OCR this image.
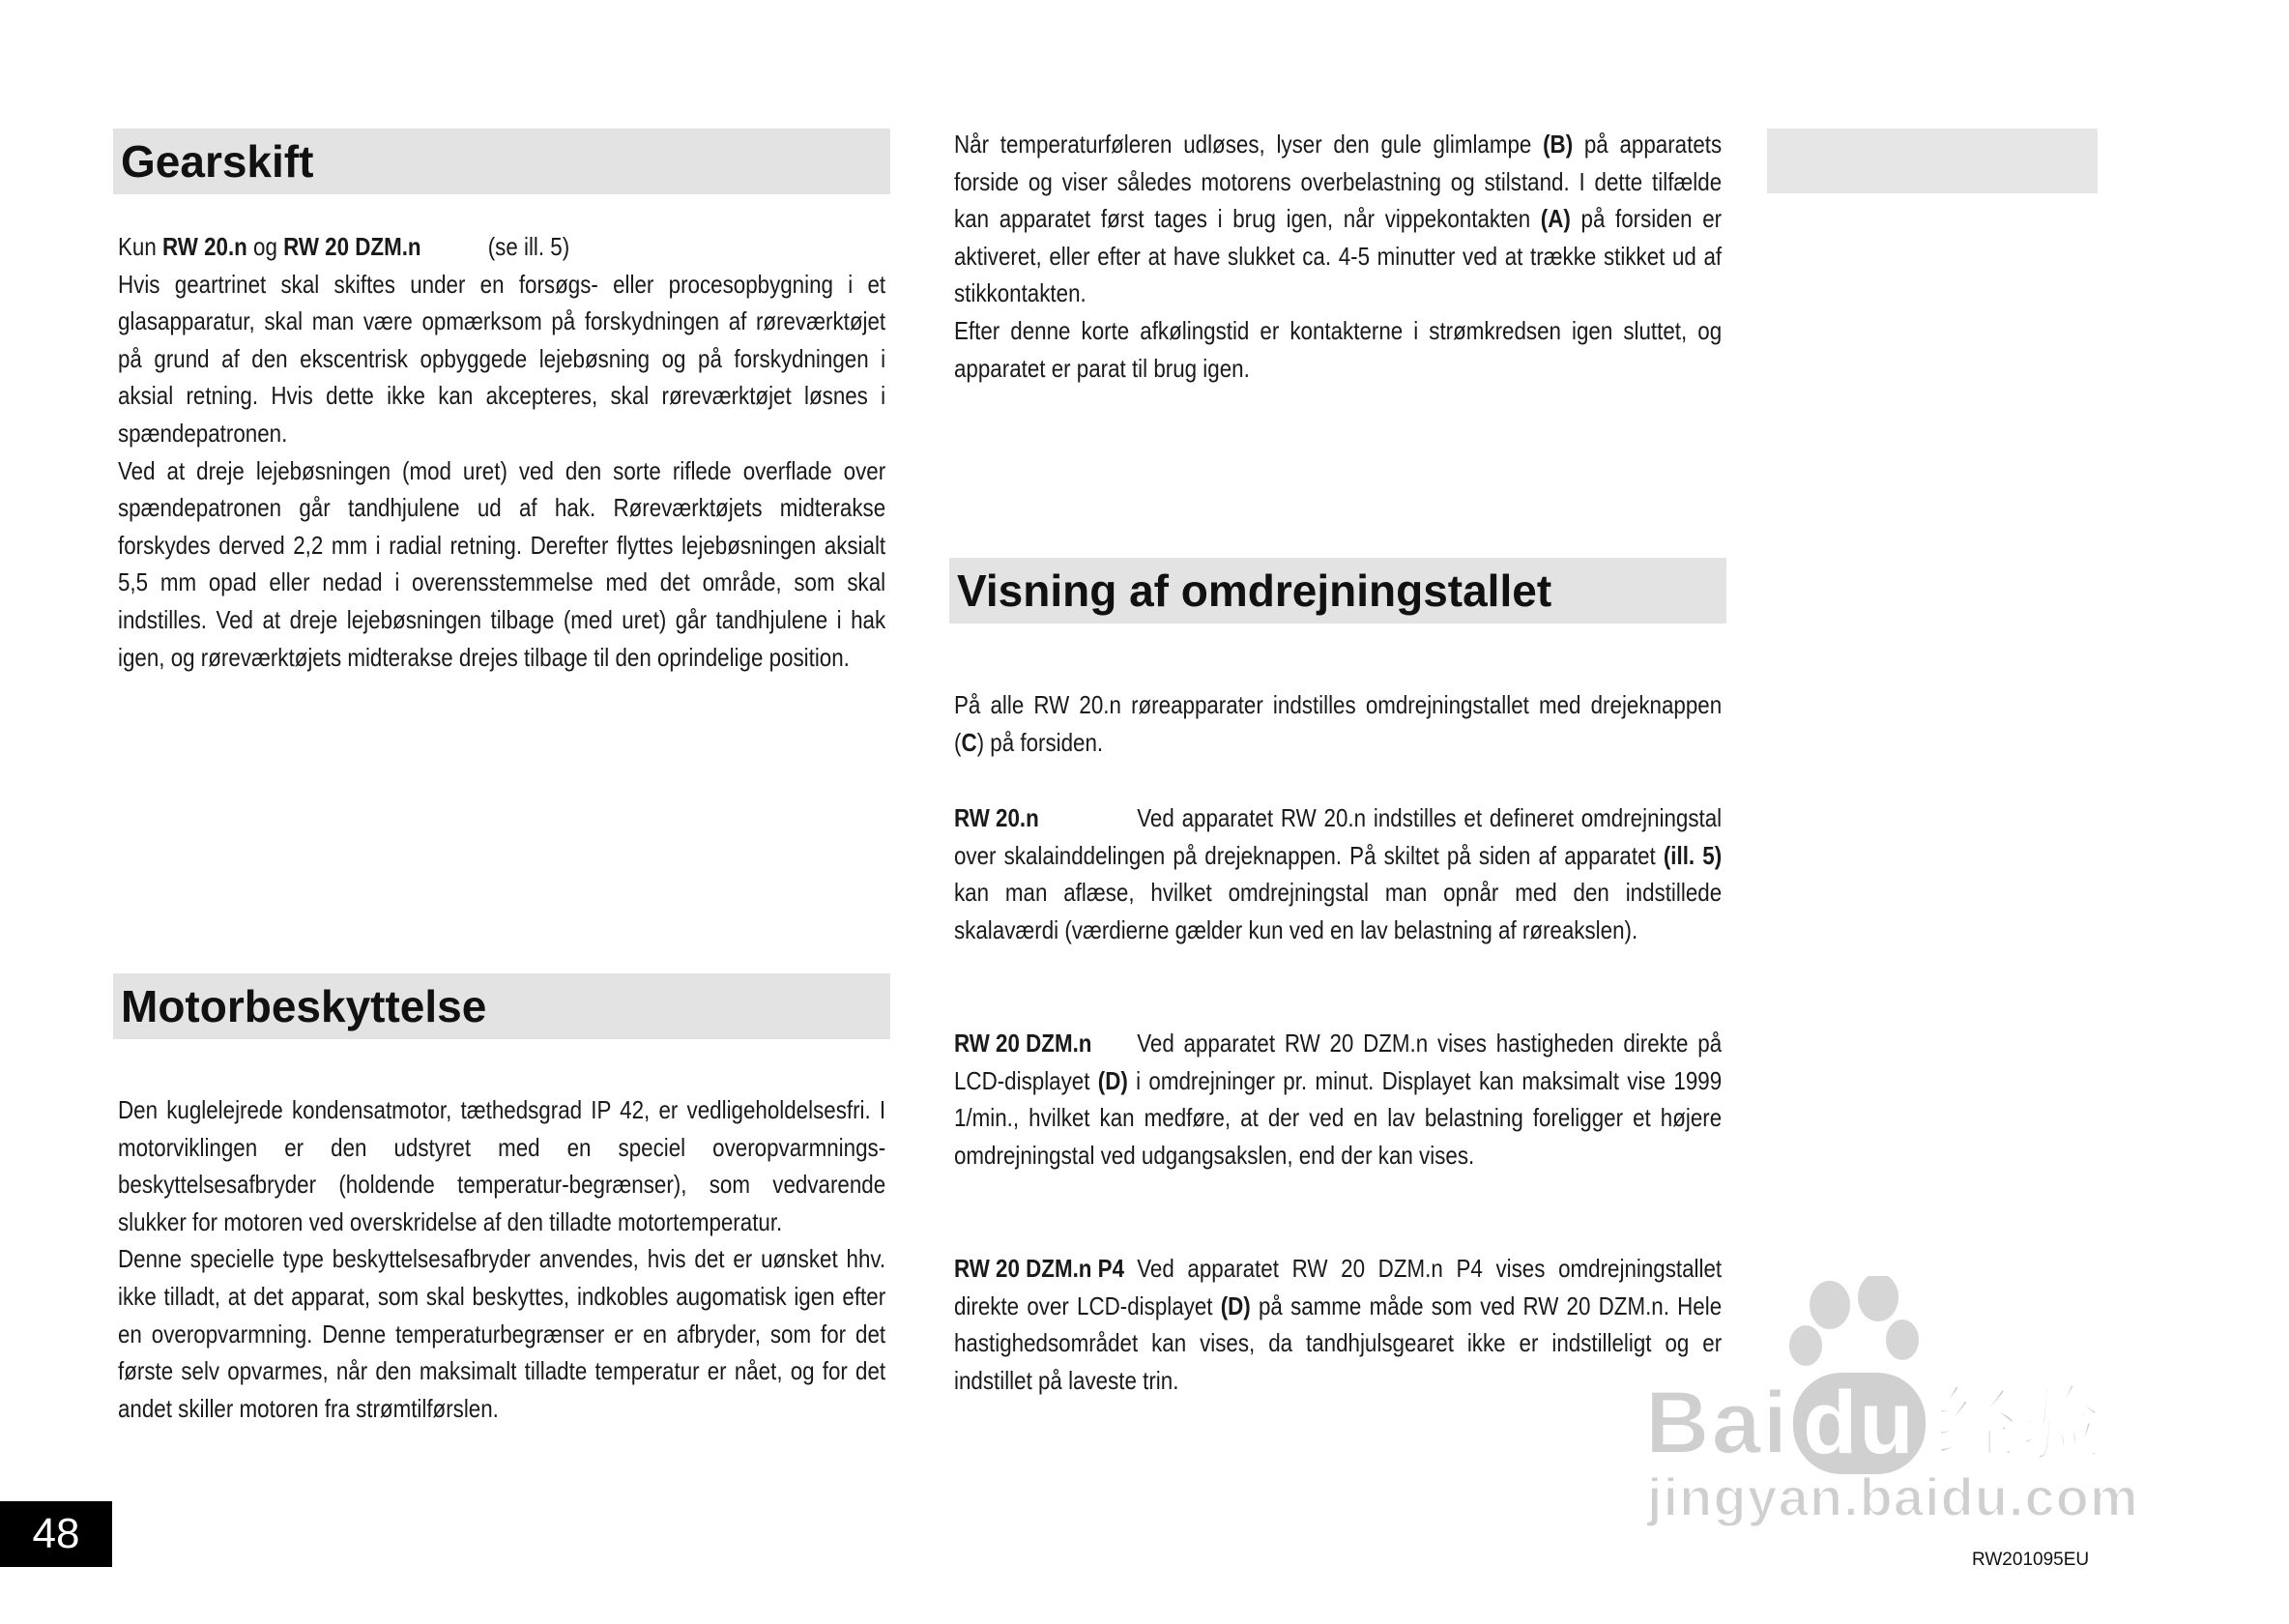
Gearskift

Kun RW 20.n og RW 20 DZM.n	(se ill. 5)

Hvis geartrinet skal skiftes under en forsøgs- eller procesopbygning i et glasapparatur, skal man være opmærksom på forskydningen af røreværktøjet på grund af den ekscentrisk opbyggede lejebøsning og på forskydningen i aksial retning. Hvis dette ikke kan akcepteres, skal røreværktøjet løsnes i spændepatronen.

Ved at dreje lejebøsningen (mod uret) ved den sorte riflede overflade over spændepatronen går tandhjulene ud af hak. Røreværktøjets midterakse forskydes derved 2,2 mm i radial retning. Derefter flyttes lejebøsningen aksialt 5,5 mm opad eller nedad i overensstemmelse med det område, som skal indstilles. Ved at dreje lejebøsningen tilbage (med uret) går tandhjulene i hak igen, og røreværktøjets midterakse drejes tilbage til den oprindelige position.

Motorbeskyttelse

Den kuglelejrede kondensatmotor, tæthedsgrad IP 42, er vedligeholdelsesfri. I motorviklingen er den udstyret med en speciel overopvarmnings-beskyttelsesafbryder (holdende temperatur-begrænser), som vedvarende slukker for motoren ved overskridelse af den tilladte motortemperatur.

Denne specielle type beskyttelsesafbryder anvendes, hvis det er uønsket hhv. ikke tilladt, at det apparat, som skal beskyttes, indkobles augomatisk igen efter en overopvarmning. Denne temperaturbegrænser er en afbryder, som for det første selv opvarmes, når den maksimalt tilladte temperatur er nået, og for det andet skiller motoren fra strømtilførslen.

Når temperaturføleren udløses, lyser den gule glimlampe (B) på apparatets forside og viser således motorens overbelastning og stilstand. I dette tilfælde kan apparatet først tages i brug igen, når vippekontakten (A) på forsiden er aktiveret, eller efter at have slukket ca. 4-5 minutter ved at trække stikket ud af stikkontakten.

Efter denne korte afkølingstid er kontakterne i strømkredsen igen sluttet, og apparatet er parat til brug igen.

Visning af omdrejningstallet

På alle RW 20.n røreapparater indstilles omdrejningstallet med drejeknappen (C) på forsiden.

RW 20.n	Ved apparatet RW 20.n indstilles et defineret omdrejningstal over skalainddelingen på drejeknappen. På skiltet på siden af apparatet (ill. 5) kan man aflæse, hvilket omdrejningstal man opnår med den indstillede skalaværdi (værdierne gælder kun ved en lav belastning af røreakslen).

RW 20 DZM.n Ved apparatet RW 20 DZM.n vises hastigheden direkte på LCD-displayet (D) i omdrejninger pr. minut. Displayet kan maksimalt vise 1999 1/min., hvilket kan medføre, at der ved en lav belastning foreligger et højere omdrejningstal ved udgangsakslen, end der kan vises.

RW 20 DZM.n P4 Ved apparatet RW 20 DZM.n P4 vises omdrejningstallet direkte over LCD-displayet (D) på samme måde som ved RW 20 DZM.n. Hele hastighedsområdet kan vises, da tandhjulsgearet ikke er indstilleligt og er indstillet på laveste trin.

48
RW201095EU
Bai du 经验
jingyan.baidu.com
